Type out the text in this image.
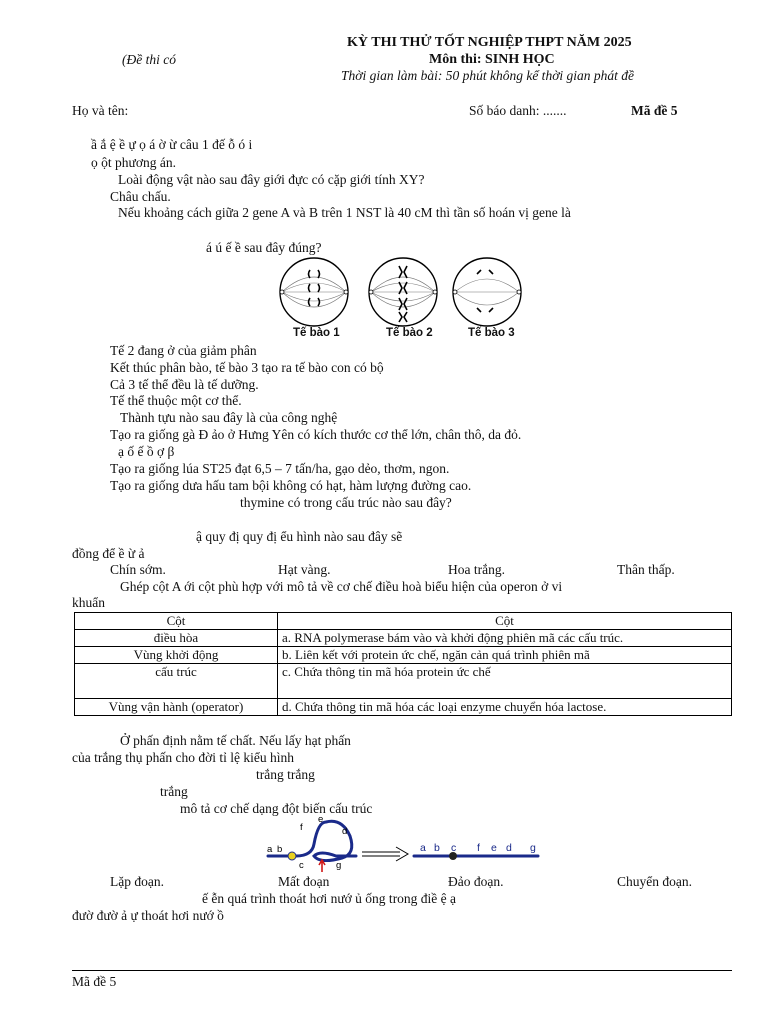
KỲ THI THỬ TỐT NGHIỆP THPT NĂM 2025
(Đề thi có	Môn thi: SINH HỌC
Thời gian làm bài: 50 phút không kể thời gian phát đề
Họ và tên:	Số báo danh: .......	Mã đề 5
ầ ắ ệ ề ự ọ á ờ ừ câu 1 đế ỗ ó i
ọ ột phương án.
Loài động vật nào sau đây giới đực có cặp giới tính XY?
Châu chấu.
Nếu khoảng cách giữa 2 gene A và B trên 1 NST là 40 cM thì tần số hoán vị gene là
á ú ế ề sau đây đúng?
Tế bào 1	Tế bào 2	Tế bào 3
Tế 2 đang ở của giảm phân
Kết thúc phân bào, tế bào 3 tạo ra tế bào con có bộ
Cả 3 tế thể đều là tế dưỡng.
Tế thể thuộc một cơ thể.
Thành tựu nào sau đây là của công nghệ
Tạo ra giống gà Đ ảo ở Hưng Yên có kích thước cơ thể lớn, chân thô, da đỏ.
ạ ố ế ồ ợ β
Tạo ra giống lúa ST25 đạt 6,5 – 7 tấn/ha, gạo dẻo, thơm, ngon.
Tạo ra giống dưa hấu tam bội không có hạt, hàm lượng đường cao.
thymine có trong cấu trúc nào sau đây?
ậ quy đị quy đị ểu hình nào sau đây sẽ
đồng để ề ừ ả
Chín sớm.	Hạt vàng.	Hoa trắng.	Thân thấp.
Ghép cột A ới cột phù hợp với mô tả về cơ chế điều hoà biểu hiện của operon ở vi
khuẩn
Cột	Cột
điều hòa	a. RNA polymerase bám vào và khởi động phiên mã các cấu trúc.
Vùng khởi động	b. Liên kết với protein ức chế, ngăn cản quá trình phiên mã
cấu trúc	c. Chứa thông tin mã hóa protein ức chế
Vùng vận hành (operator)	d. Chứa thông tin mã hóa các loại enzyme chuyển hóa lactose.
Ở phấn định nằm tế chất. Nếu lấy hạt phấn
của trắng thụ phấn cho đời tỉ lệ kiểu hình
trắng trắng
trắng
mô tả cơ chế dạng đột biến cấu trúc
a b
c
d
e
f
g
a b c f e d g
Lặp đoạn.	Mất đoạn	Đảo đoạn.	Chuyển đoạn.
ế ễn quá trình thoát hơi nướ ủ ống trong điề ệ ạ
đườ đườ ả ự thoát hơi nướ ồ
Mã đề 5
